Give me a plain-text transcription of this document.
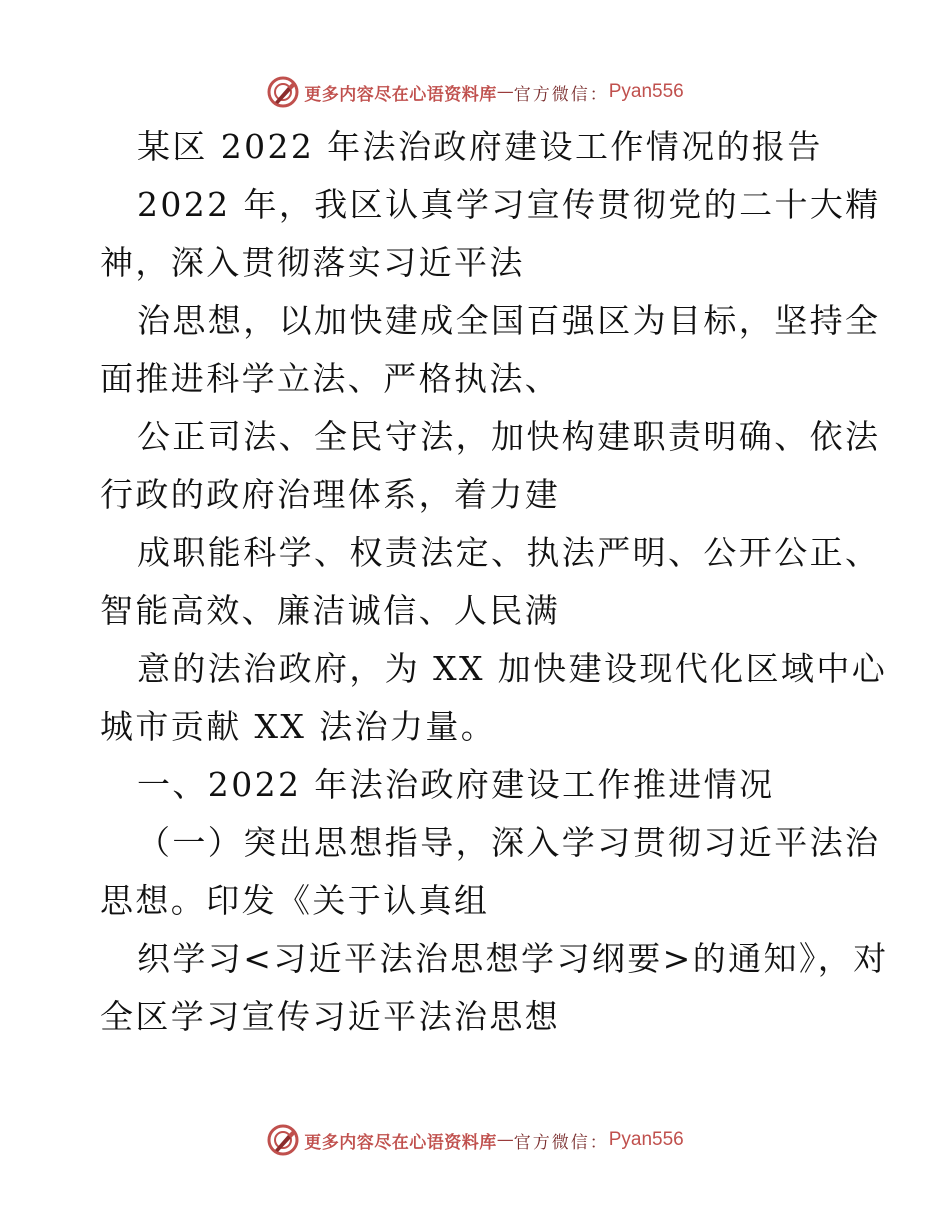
更多内容尽在心语资料库 — 官方微信： Pyan556
某区 2022 年法治政府建设工作情况的报告
2022 年，我区认真学习宣传贯彻党的二十大精
神，深入贯彻落实习近平法
治思想，以加快建成全国百强区为目标，坚持全
面推进科学立法、严格执法、
公正司法、全民守法，加快构建职责明确、依法
行政的政府治理体系，着力建
成职能科学、权责法定、执法严明、公开公正、
智能高效、廉洁诚信、人民满
意的法治政府，为 XX 加快建设现代化区域中心
城市贡献 XX 法治力量。
一、2022 年法治政府建设工作推进情况
（一）突出思想指导，深入学习贯彻习近平法治
思想。印发《关于认真组
织学习<习近平法治思想学习纲要>的通知》，对
全区学习宣传习近平法治思想
更多内容尽在心语资料库 — 官方微信： Pyan556
